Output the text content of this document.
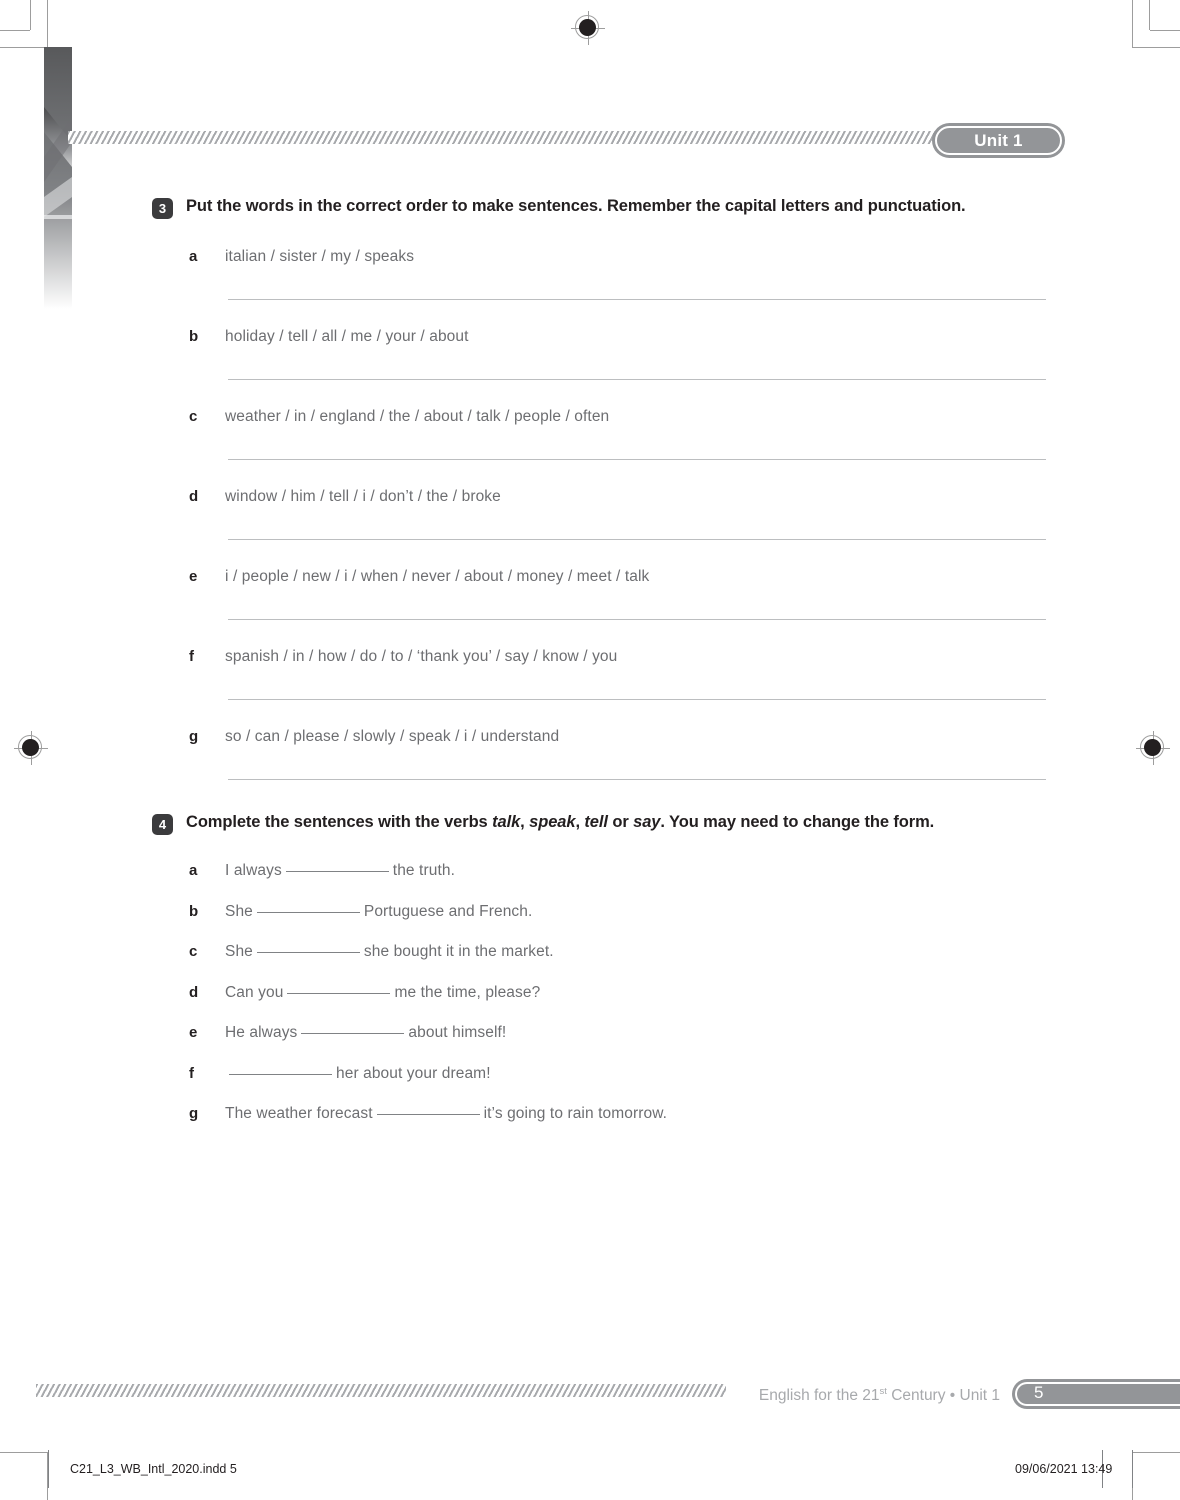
Unit 1
3	Put the words in the correct order to make sentences. Remember the capital letters and punctuation.
a italian / sister / my / speaks
b holiday / tell / all / me / your / about
c weather / in / england / the / about / talk / people / often
d window / him / tell / i / don’t / the / broke
e i / people / new / i / when / never / about / money / meet / talk
f spanish / in / how / do / to / ‘thank you’ / say / know / you
g so / can / please / slowly / speak / i / understand
4	Complete the sentences with the verbs talk, speak, tell or say. You may need to change the form.
a I always	the truth.
b She	Portuguese and French.
c She	she bought it in the market.
d Can you	me the time, please?
e He always	about himself!
f	her about your dream!
g The weather forecast	it’s going to rain tomorrow.
English for the 21st Century • Unit 1 5
C21_L3_WB_Intl_2020.indd 5	09/06/2021 13:49
